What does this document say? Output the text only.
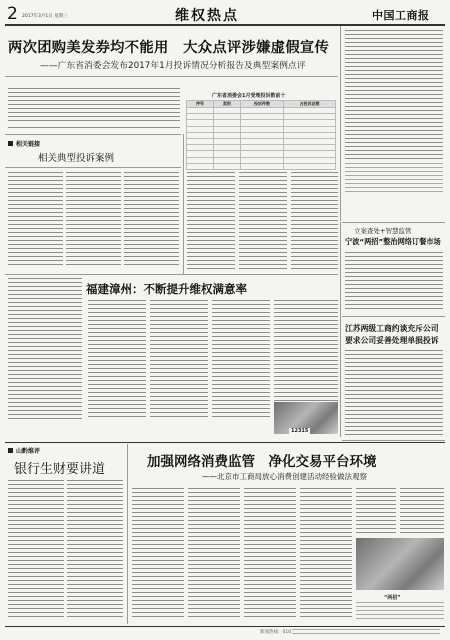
2 2017年3月1日 星期三	维权热点	中国工商报
两次团购美发券均不能用　大众点评涉嫌虚假宣传
——广东省消委会发布2017年1月投诉情况分析报告及典型案例点评
广东省消委会1月受理投诉数前十
序号	类别	投诉件数	占投诉总数

相关链接
相关典型投诉案例
立案查处+智慧监管
宁波“两招”整治网络订餐市场
江苏两级工商约谈充斥公司
要求公司妥善处理单损投诉
福建漳州：不断提升维权满意率
12315
山黔维评
银行生财要讲道	加强网络消费监管　净化交易平台环境
——北京市工商局放心消费创建活动经验做法观察
“两招”
新闻热线：010
